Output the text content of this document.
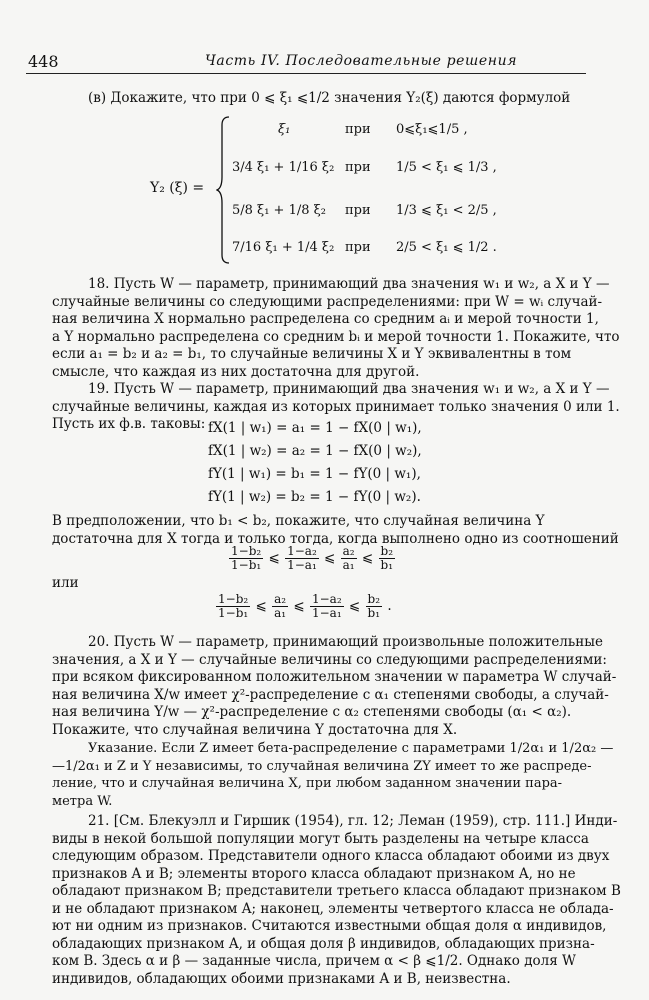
448	Часть IV. Последовательные решения
(в) Докажите, что при 0 ⩽ ξ₁ ⩽1/2 значения Υ₂(ξ) даются формулой
Υ₂ (ξ) =
ξ₁	при 0⩽ξ₁⩽1/5 ,
3/4 ξ₁ + 1/16 ξ₂ при 1/5 < ξ₁ ⩽ 1/3 ,
5/8 ξ₁ + 1/8 ξ₂ при 1/3 ⩽ ξ₁ < 2/5 ,
7/16 ξ₁ + 1/4 ξ₂ при 2/5 < ξ₁ ⩽ 1/2 .
18. Пусть W — параметр, принимающий два значения w₁ и w₂, а X и Y —
случайные величины со следующими распределениями: при W = wᵢ случай-
ная величина X нормально распределена со средним aᵢ и мерой точности 1,
а Y нормально распределена со средним bᵢ и мерой точности 1. Покажите, что
если a₁ = b₂ и a₂ = b₁, то случайные величины X и Y эквивалентны в том
смысле, что каждая из них достаточна для другой.
19. Пусть W — параметр, принимающий два значения w₁ и w₂, а X и Y —
случайные величины, каждая из которых принимает только значения 0 или 1.
Пусть их ф.в. таковы: fX(1 | w₁) = a₁ = 1 − fX(0 | w₁),
fX(1 | w₂) = a₂ = 1 − fX(0 | w₂),
fY(1 | w₁) = b₁ = 1 − fY(0 | w₁),
fY(1 | w₂) = b₂ = 1 − fY(0 | w₂).
В предположении, что b₁ < b₂, покажите, что случайная величина Y
достаточна для X тогда и только тогда, когда выполнено одно из соотношений
$\frac{\text{1−b₂}}{\text{1−b₁}}$ ⩽ $\frac{\text{1−a₂}}{\text{1−a₁}}$ ⩽ $\frac{\text{a₂}}{\text{a₁}}$ ⩽ $\frac{\text{b₂}}{\text{b₁}}$
или
$\frac{\text{1−b₂}}{\text{1−b₁}}$ ⩽ $\frac{\text{a₂}}{\text{a₁}}$ ⩽ $\frac{\text{1−a₂}}{\text{1−a₁}}$ ⩽ $\frac{\text{b₂}}{\text{b₁}}$ .
20. Пусть W — параметр, принимающий произвольные положительные
значения, а X и Y — случайные величины со следующими распределениями:
при всяком фиксированном положительном значении w параметра W случай-
ная величина X/w имеет χ²-распределение с α₁ степенями свободы, а случай-
ная величина Y/w — χ²-распределение с α₂ степенями свободы (α₁ < α₂).
Покажите, что случайная величина Y достаточна для X.
Указание. Если Z имеет бета-распределение с параметрами 1/2α₁ и 1/2α₂ —
—1/2α₁ и Z и Y независимы, то случайная величина ZY имеет то же распреде-
ление, что и случайная величина X, при любом заданном значении пара-
метра W.
21. [См. Блекуэлл и Гиршик (1954), гл. 12; Леман (1959), стр. 111.] Инди-
виды в некой большой популяции могут быть разделены на четыре класса
следующим образом. Представители одного класса обладают обоими из двух
признаков A и B; элементы второго класса обладают признаком A, но не
обладают признаком B; представители третьего класса обладают признаком B
и не обладают признаком A; наконец, элементы четвертого класса не облада-
ют ни одним из признаков. Считаются известными общая доля α индивидов,
обладающих признаком A, и общая доля β индивидов, обладающих призна-
ком B. Здесь α и β — заданные числа, причем α < β ⩽1/2. Однако доля W
индивидов, обладающих обоими признаками A и B, неизвестна.
